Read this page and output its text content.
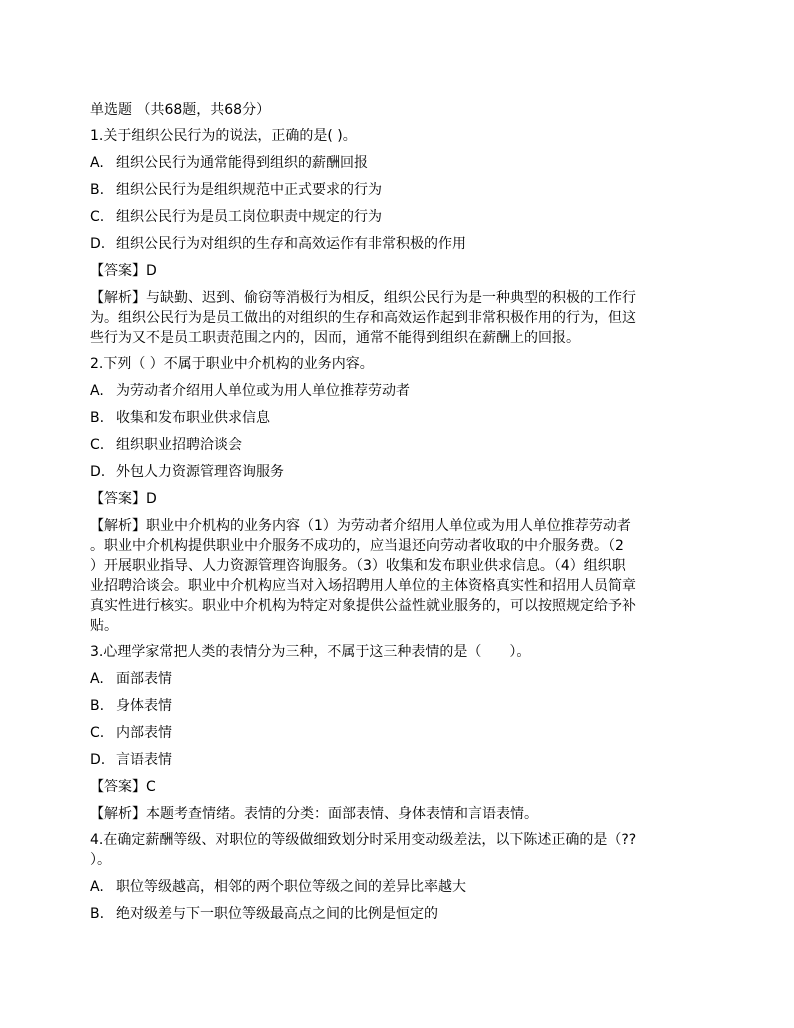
单选题 （共68题，共68分）

1.关于组织公民行为的说法，正确的是( )。

A. 组织公民行为通常能得到组织的薪酬回报

B. 组织公民行为是组织规范中正式要求的行为

C. 组织公民行为是员工岗位职责中规定的行为

D. 组织公民行为对组织的生存和高效运作有非常积极的作用

【答案】D

【解析】与缺勤、迟到、偷窃等消极行为相反，组织公民行为是一种典型的积极的工作行

为。组织公民行为是员工做出的对组织的生存和高效运作起到非常积极作用的行为，但这

些行为又不是员工职责范围之内的，因而，通常不能得到组织在薪酬上的回报。

2.下列（ ）不属于职业中介机构的业务内容。

A. 为劳动者介绍用人单位或为用人单位推荐劳动者

B. 收集和发布职业供求信息

C. 组织职业招聘洽谈会

D. 外包人力资源管理咨询服务

【答案】D

【解析】职业中介机构的业务内容（1）为劳动者介绍用人单位或为用人单位推荐劳动者

。职业中介机构提供职业中介服务不成功的，应当退还向劳动者收取的中介服务费。（2

）开展职业指导、人力资源管理咨询服务。（3）收集和发布职业供求信息。（4）组织职

业招聘洽谈会。职业中介机构应当对入场招聘用人单位的主体资格真实性和招用人员简章

真实性进行核实。职业中介机构为特定对象提供公益性就业服务的，可以按照规定给予补

贴。

3.心理学家常把人类的表情分为三种，不属于这三种表情的是（　　）。

A. 面部表情

B. 身体表情

C. 内部表情

D. 言语表情

【答案】C

【解析】本题考查情绪。表情的分类：面部表情、身体表情和言语表情。

4.在确定薪酬等级、对职位的等级做细致划分时采用变动级差法，以下陈述正确的是（??

）。

A. 职位等级越高，相邻的两个职位等级之间的差异比率越大

B. 绝对级差与下一职位等级最高点之间的比例是恒定的
